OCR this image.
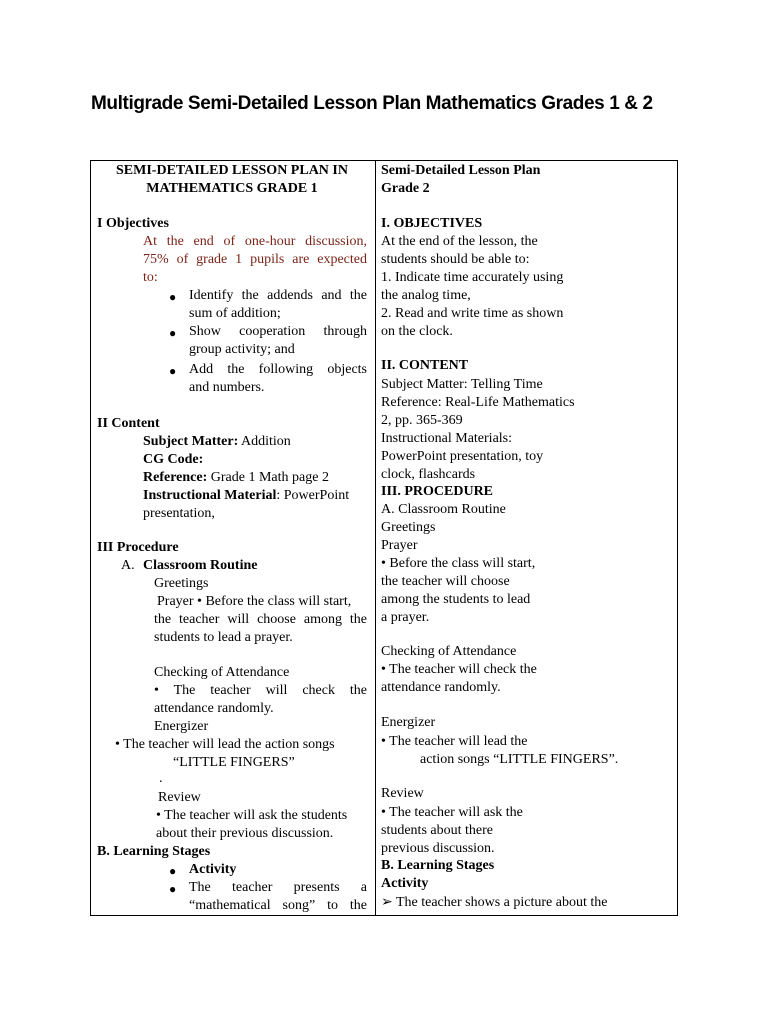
Multigrade Semi-Detailed Lesson Plan Mathematics Grades 1 & 2
SEMI-DETAILED LESSON PLAN IN
MATHEMATICS GRADE 1
I Objectives
At the end of one-hour discussion,
75% of grade 1 pupils are expected
to:
● Identify the addends and the
sum of addition;
● Show cooperation through
group activity; and
● Add the following objects
and numbers.
II Content
Subject Matter: Addition
CG Code:
Reference: Grade 1 Math page 2
Instructional Material: PowerPoint
presentation,
III Procedure
A. Classroom Routine
Greetings
Prayer • Before the class will start,
the teacher will choose among the
students to lead a prayer.
Checking of Attendance
• The teacher will check the
attendance randomly.
Energizer
• The teacher will lead the action songs
“LITTLE FINGERS”
.
Review
• The teacher will ask the students
about their previous discussion.
B. Learning Stages
● Activity
● The teacher presents a
“mathematical song” to the
Semi-Detailed Lesson Plan
Grade 2
I. OBJECTIVES
At the end of the lesson, the
students should be able to:
1. Indicate time accurately using
the analog time,
2. Read and write time as shown
on the clock.
II. CONTENT
Subject Matter: Telling Time
Reference: Real-Life Mathematics
2, pp. 365-369
Instructional Materials:
PowerPoint presentation, toy
clock, flashcards
III. PROCEDURE
A. Classroom Routine
Greetings
Prayer
• Before the class will start,
the teacher will choose
among the students to lead
a prayer.
Checking of Attendance
• The teacher will check the
attendance randomly.
Energizer
• The teacher will lead the
action songs “LITTLE FINGERS”.
Review
• The teacher will ask the
students about there
previous discussion.
B. Learning Stages
Activity
➢ The teacher shows a picture about the
